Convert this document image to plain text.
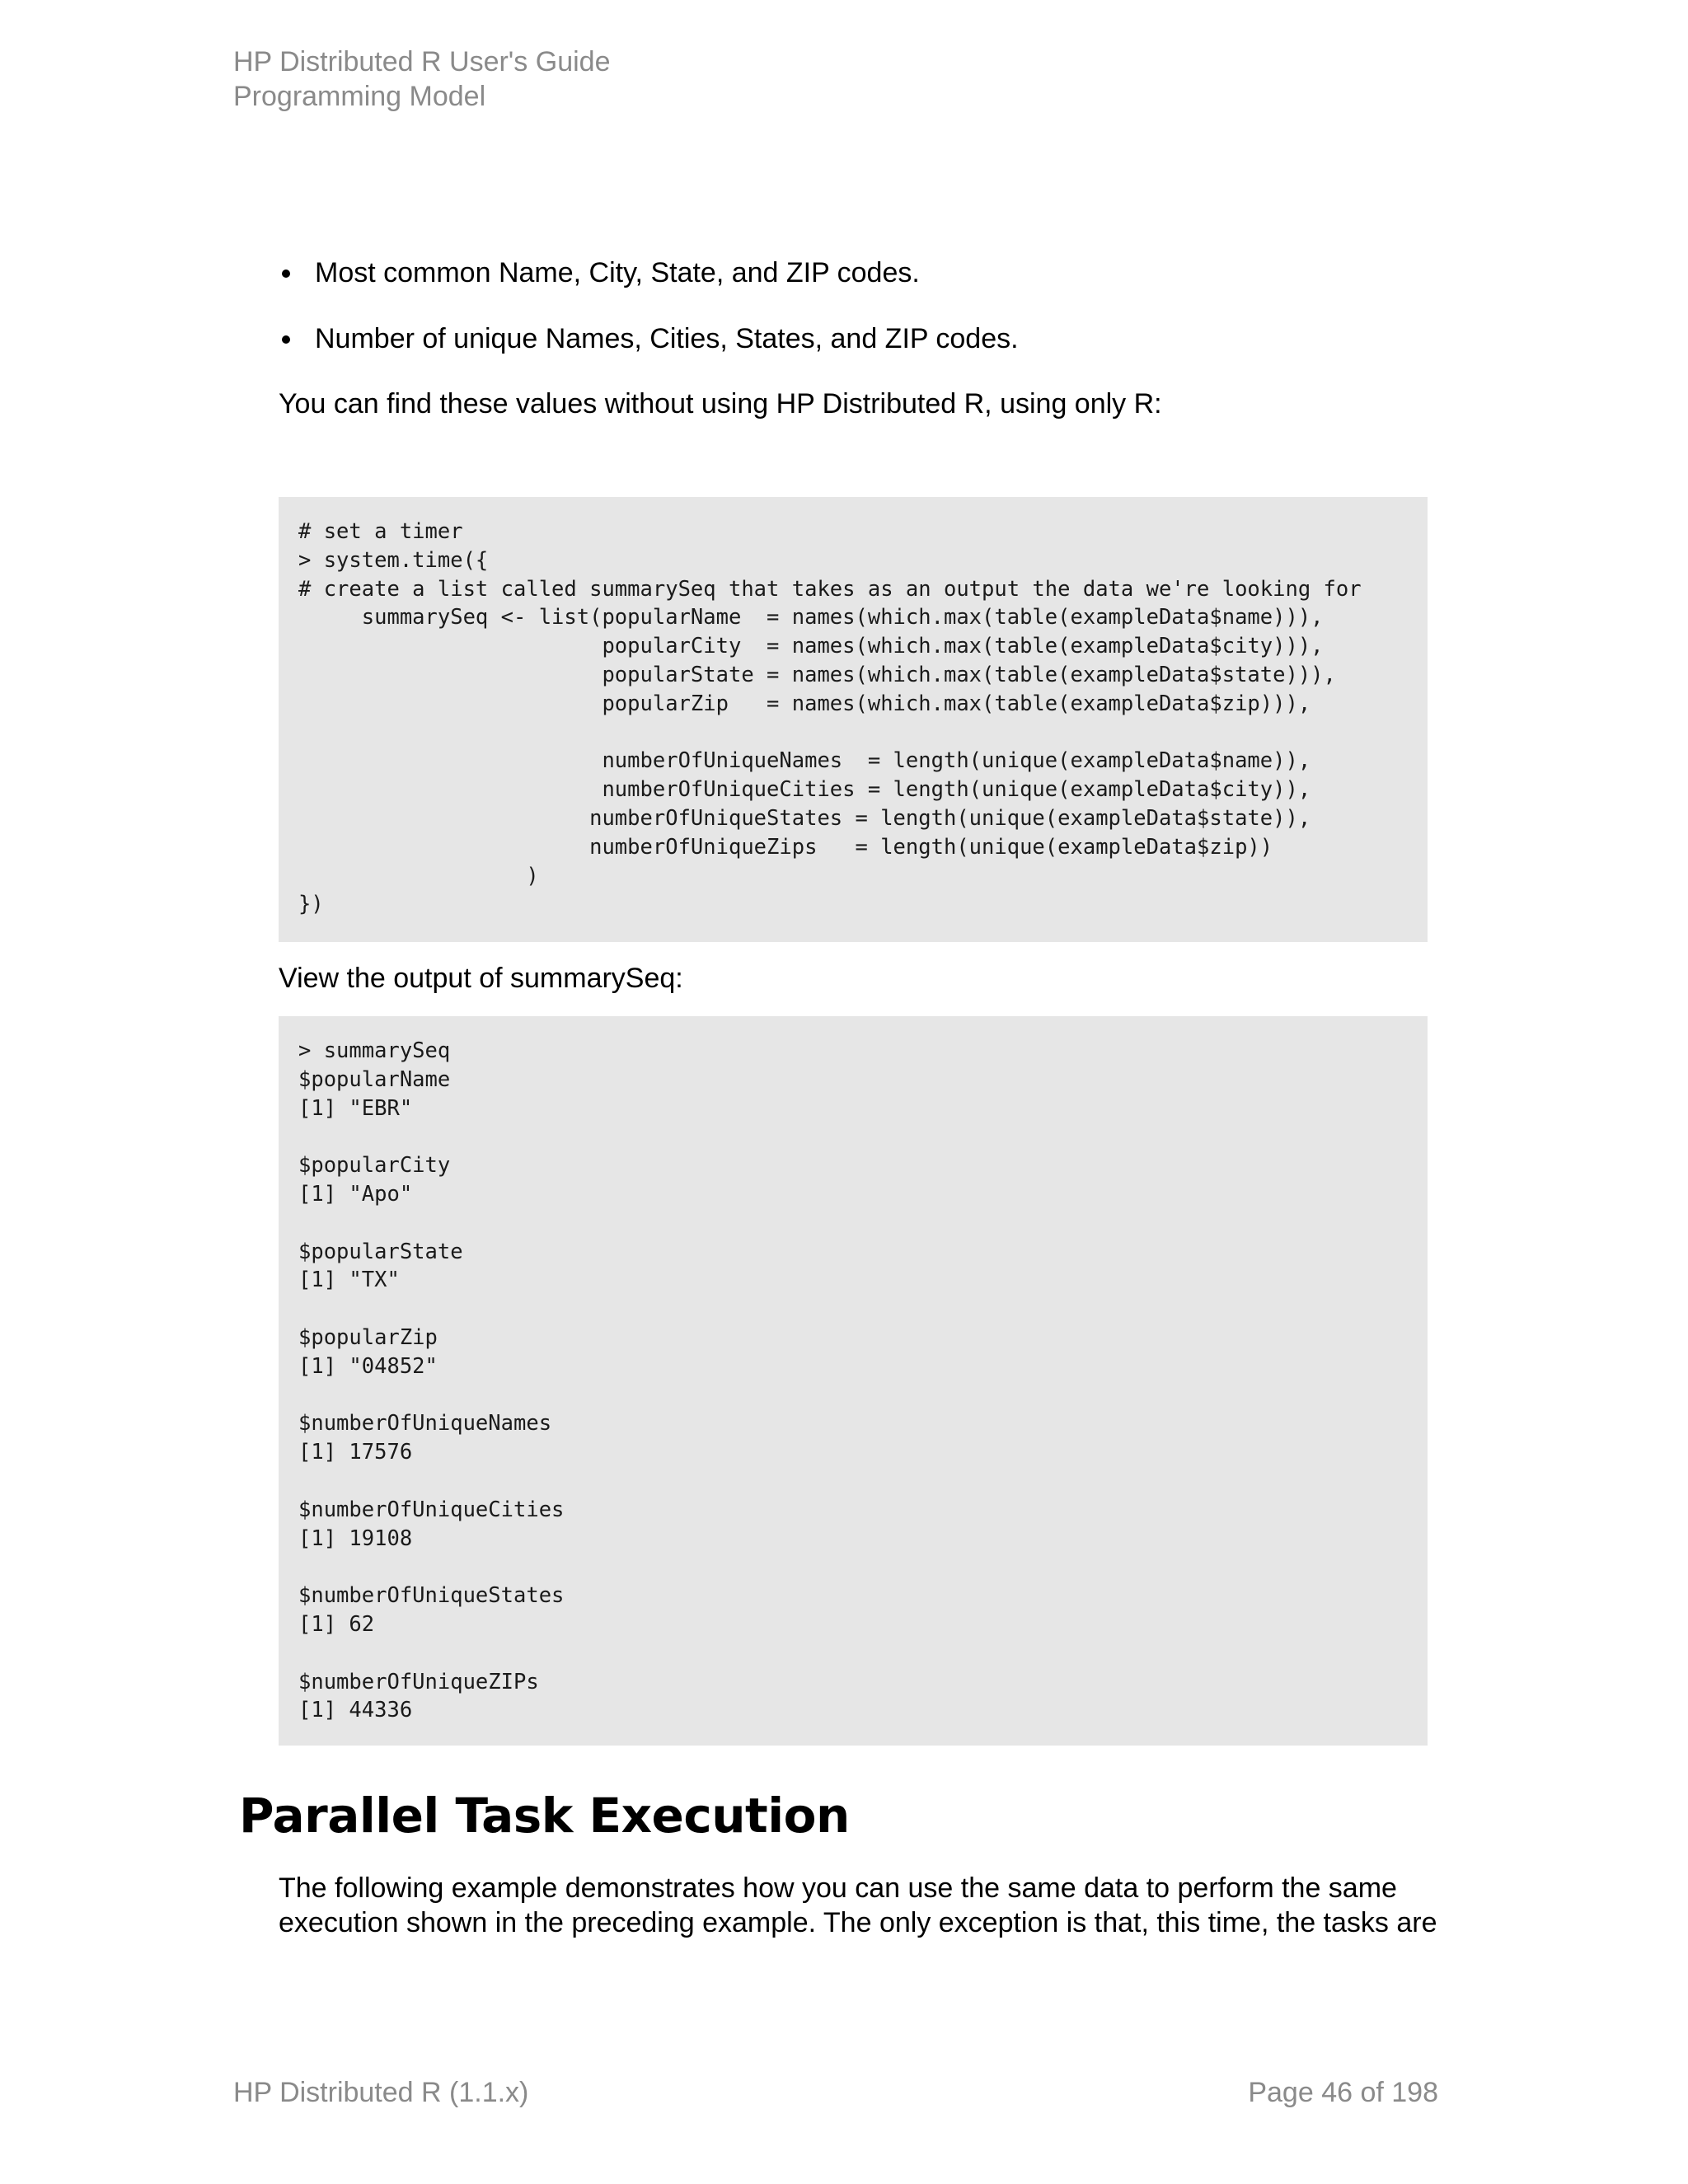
HP Distributed R User's Guide
Programming Model
Most common Name, City, State, and ZIP codes.
Number of unique Names, Cities, States, and ZIP codes.
You can find these values without using HP Distributed R, using only R:
# set a timer
> system.time({
# create a list called summarySeq that takes as an output the data we're looking for
summarySeq <- list(popularName  = names(which.max(table(exampleData$name))),
popularCity  = names(which.max(table(exampleData$city))),
popularState = names(which.max(table(exampleData$state))),
popularZip   = names(which.max(table(exampleData$zip))),

numberOfUniqueNames  = length(unique(exampleData$name)),
numberOfUniqueCities = length(unique(exampleData$city)),
numberOfUniqueStates = length(unique(exampleData$state)),
numberOfUniqueZips   = length(unique(exampleData$zip))
)
})
View the output of summarySeq:
> summarySeq
$popularName
[1] "EBR"

$popularCity
[1] "Apo"

$popularState
[1] "TX"

$popularZip
[1] "04852"

$numberOfUniqueNames
[1] 17576

$numberOfUniqueCities
[1] 19108

$numberOfUniqueStates
[1] 62

$numberOfUniqueZIPs
[1] 44336
Parallel Task Execution
The following example demonstrates how you can use the same data to perform the same
execution shown in the preceding example. The only exception is that, this time, the tasks are
HP Distributed R (1.1.x)	Page 46 of 198
